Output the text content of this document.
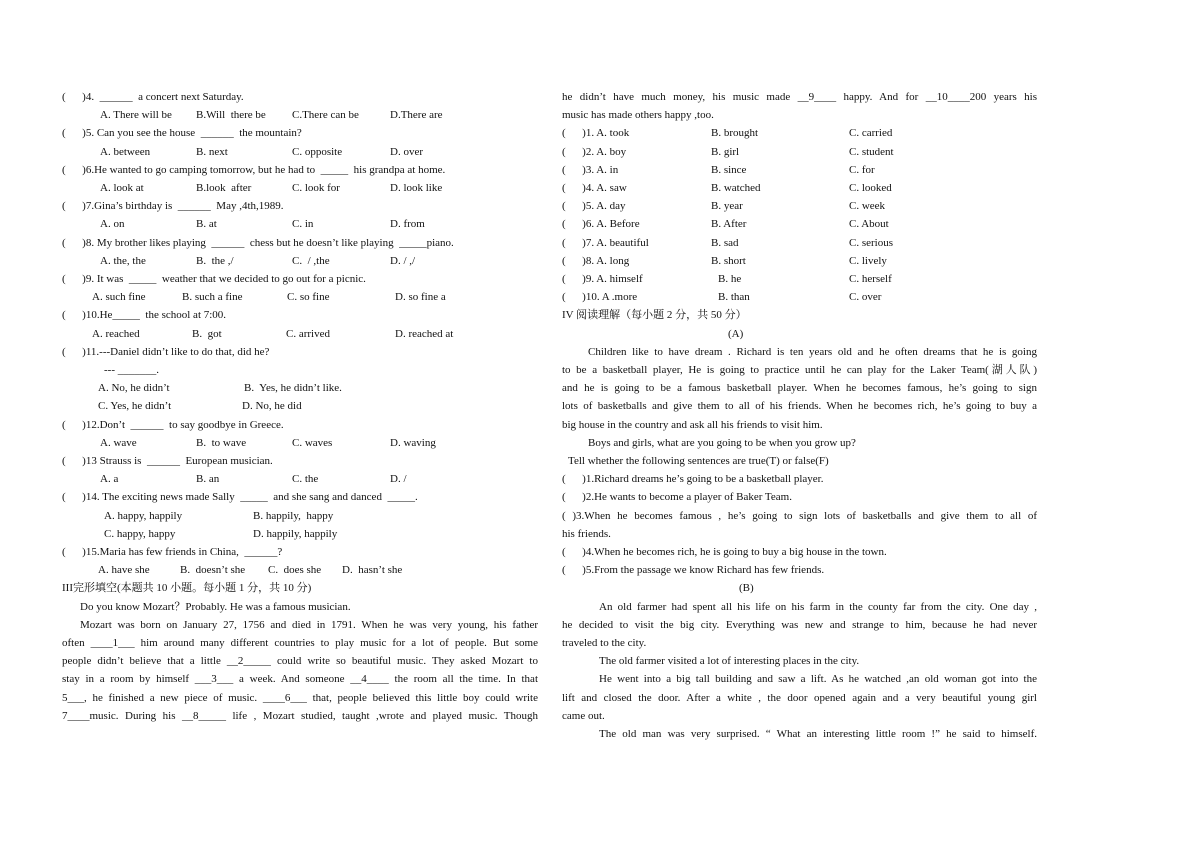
(      )4.  ______  a concert next Saturday.
A. There will be B.Will  there be C.There can be	D.There are
(      )5. Can you see the house  ______  the mountain?
A. between	B. next	C. opposite	D. over
(      )6.He wanted to go camping tomorrow, but he had to  _____  his grandpa at home.
A. look at	B.look  after	C. look for	D. look like
(      )7.Gina’s birthday is  ______  May ,4th,1989.
A. on	B. at	C. in	D. from
(      )8. My brother likes playing  ______  chess but he doesn’t like playing  _____piano.
A. the, the	B.  the ,/	C.  / ,the	D. / ,/
(      )9. It was  _____  weather that we decided to go out for a picnic.
A. such fine	B. such a fine	C. so fine	D. so fine a
(      )10.He_____  the school at 7:00.
A. reached	B.  got	C. arrived	D. reached at
(      )11.---Daniel didn’t like to do that, did he?
--- _______.
A. No, he didn’t	B.  Yes, he didn’t like.
C. Yes, he didn’t	D. No, he did
(      )12.Don’t  ______  to say goodbye in Greece.
A. wave	B.  to wave	C. waves	D. waving
(      )13 Strauss is  ______  European musician.
A. a	B. an	C. the	D. /
(      )14. The exciting news made Sally  _____  and she sang and danced  _____.
A. happy, happily	B. happily,  happy
C. happy, happy	D. happily, happily
(      )15.Maria has few friends in China,  ______?
A. have she	B.  doesn’t she C.  does she D.  hasn’t she
III完形填空(本题共 10 小题。每小题 1 分，共 10 分)
Do you know Mozart？Probably. He was a famous musician.
Mozart was born on January 27, 1756 and died in 1791. When he was very young, his father
often ____1___ him around many different countries to play music for a lot of people. But some
people didn’t believe that a little __2_____ could write so beautiful music. They asked Mozart to
stay in a room by himself ___3___ a week. And someone __4____ the room all the time. In that
5___, he finished a new piece of music. ____6___ that, people believed this little boy could write
7____music. During his __8_____ life , Mozart studied, taught ,wrote and played music. Though
he didn’t have much money, his music made __9____ happy. And for __10____200 years his
music has made others happy ,too.
(      )1. A. took	B. brought	C. carried
(      )2. A. boy	B. girl	C. student
(      )3. A. in	B. since	C. for
(      )4. A. saw	B. watched	C. looked
(      )5. A. day	B. year	C. week
(      )6. A. Before	B. After	C. About
(      )7. A. beautiful	B. sad	C. serious
(      )8. A. long	B. short	C. lively
(      )9. A. himself	B. he	C. herself
(      )10. A .more	B. than	C. over
IV 阅读理解（每小题 2 分，共 50 分）
(A)
Children like to have dream . Richard is ten years old and he often dreams that he is going
to be a basketball player, He is going to practice until he can play for the Laker Team(湖人队)
and he is going to be a famous basketball player. When he becomes famous, he’s going to sign
lots of basketballs and give them to all of his friends. When he becomes rich, he’s going to buy a
big house in the country and ask all his friends to visit him.
Boys and girls, what are you going to be when you grow up?
Tell whether the following sentences are true(T) or false(F)
(      )1.Richard dreams he’s going to be a basketball player.
(      )2.He wants to become a player of Baker Team.
( )3.When he becomes famous , he’s going to sign lots of basketballs and give them to all of
his friends.
(      )4.When he becomes rich, he is going to buy a big house in the town.
(      )5.From the passage we know Richard has few friends.
(B)
An old farmer had spent all his life on his farm in the county far from the city. One day ,
he decided to visit the big city. Everything was new and strange to him, because he had never
traveled to the city.
The old farmer visited a lot of interesting places in the city.
He went into a big tall building and saw a lift. As he watched ,an old woman got into the
lift and closed the door. After a white , the door opened again and a very beautiful young girl
came out.
The old man was very surprised. “ What an interesting little room !” he said to himself.
